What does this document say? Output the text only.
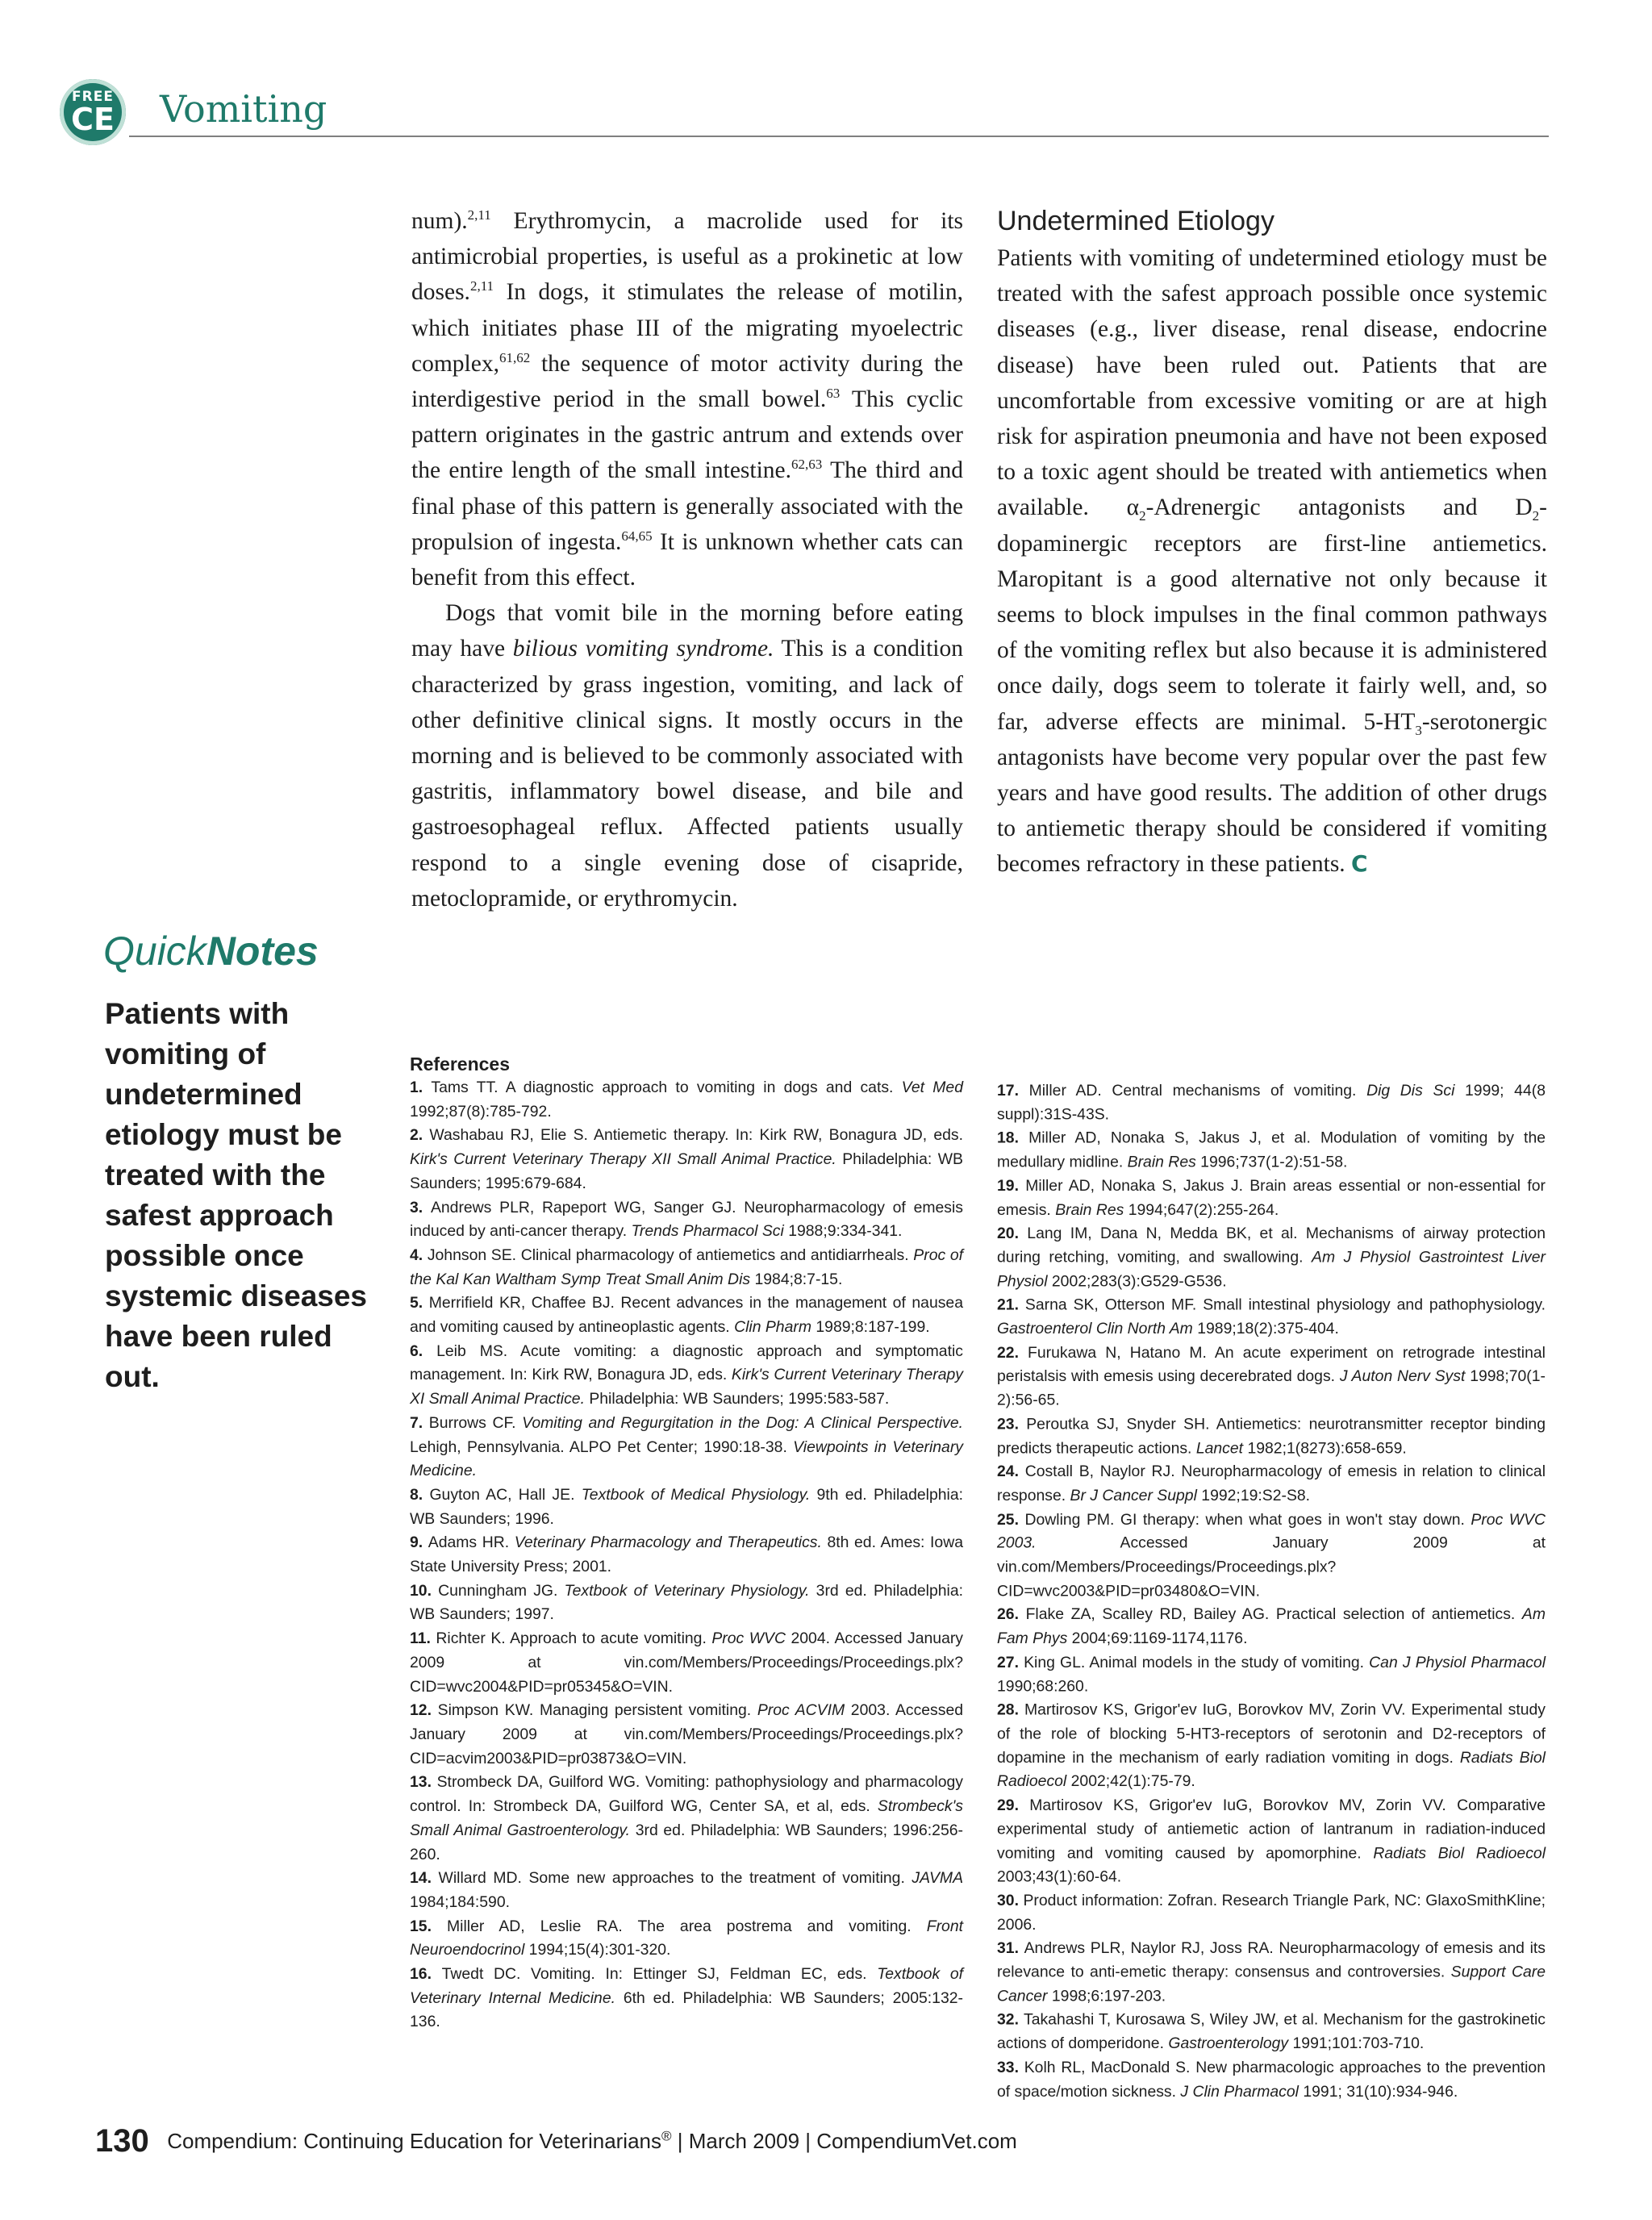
FREE
CE Vomiting

num).$^{2,11}$ Erythromycin, a macrolide used for its antimicrobial properties, is useful as a prokinetic at low doses.$^{2,11}$ In dogs, it stimulates the release of motilin, which initiates phase III of the migrating myoelectric complex,$^{61,62}$ the sequence of motor activity during the interdigestive period in the small bowel.$^{63}$ This cyclic pattern originates in the gastric antrum and extends over the entire length of the small intestine.$^{62,63}$ The third and final phase of this pattern is generally associated with the propulsion of ingesta.$^{64,65}$ It is unknown whether cats can benefit from this effect.

Dogs that vomit bile in the morning before eating may have bilious vomiting syndrome. This is a condition characterized by grass ingestion, vomiting, and lack of other definitive clinical signs. It mostly occurs in the morning and is believed to be commonly associated with gastritis, inflammatory bowel disease, and bile and gastroesophageal reflux. Affected patients usually respond to a single evening dose of cisapride, metoclopramide, or erythromycin.

Undetermined Etiology

Patients with vomiting of undetermined etiology must be treated with the safest approach possible once systemic diseases (e.g., liver disease, renal disease, endocrine disease) have been ruled out. Patients that are uncomfortable from excessive vomiting or are at high risk for aspiration pneumonia and have not been exposed to a toxic agent should be treated with antiemetics when available. $\alpha_2$-Adrenergic antagonists and $D_2$-dopaminergic receptors are first-line antiemetics. Maropitant is a good alternative not only because it seems to block impulses in the final common pathways of the vomiting reflex but also because it is administered once daily, dogs seem to tolerate it fairly well, and, so far, adverse effects are minimal. $5-HT_3$-serotonergic antagonists have become very popular over the past few years and have good results. The addition of other drugs to antiemetic therapy should be considered if vomiting becomes refractory in these patients. C

QuickNotes
Patients with vomiting of undetermined etiology must be treated with the safest approach possible once systemic diseases have been ruled out.
References

1. Tams TT. A diagnostic approach to vomiting in dogs and cats. Vet Med 1992;87(8):785-792.

2. Washabau RJ, Elie S. Antiemetic therapy. In: Kirk RW, Bonagura JD, eds. Kirk's Current Veterinary Therapy XII Small Animal Practice. Philadelphia: WB Saunders; 1995:679-684.

3. Andrews PLR, Rapeport WG, Sanger GJ. Neuropharmacology of emesis induced by anti-cancer therapy. Trends Pharmacol Sci 1988;9:334-341.

4. Johnson SE. Clinical pharmacology of antiemetics and antidiarrheals. Proc of the Kal Kan Waltham Symp Treat Small Anim Dis 1984;8:7-15.

5. Merrifield KR, Chaffee BJ. Recent advances in the management of nausea and vomiting caused by antineoplastic agents. Clin Pharm 1989;8:187-199.

6. Leib MS. Acute vomiting: a diagnostic approach and symptomatic management. In: Kirk RW, Bonagura JD, eds. Kirk's Current Veterinary Therapy XI Small Animal Practice. Philadelphia: WB Saunders; 1995:583-587.

7. Burrows CF. Vomiting and Regurgitation in the Dog: A Clinical Perspective. Lehigh, Pennsylvania. ALPO Pet Center; 1990:18-38. Viewpoints in Veterinary Medicine.

8. Guyton AC, Hall JE. Textbook of Medical Physiology. 9th ed. Philadelphia: WB Saunders; 1996.

9. Adams HR. Veterinary Pharmacology and Therapeutics. 8th ed. Ames: Iowa State University Press; 2001.

10. Cunningham JG. Textbook of Veterinary Physiology. 3rd ed. Philadelphia: WB Saunders; 1997.

11. Richter K. Approach to acute vomiting. Proc WVC 2004. Accessed January 2009 at vin.com/Members/Proceedings/Proceedings.plx?CID=wvc2004&PID=pr05345&O=VIN.

12. Simpson KW. Managing persistent vomiting. Proc ACVIM 2003. Accessed January 2009 at vin.com/Members/Proceedings/Proceedings.plx?CID=acvim2003&PID=pr03873&O=VIN.

13. Strombeck DA, Guilford WG. Vomiting: pathophysiology and pharmacology control. In: Strombeck DA, Guilford WG, Center SA, et al, eds. Strombeck's Small Animal Gastroenterology. 3rd ed. Philadelphia: WB Saunders; 1996:256-260.

14. Willard MD. Some new approaches to the treatment of vomiting. JAVMA 1984;184:590.

15. Miller AD, Leslie RA. The area postrema and vomiting. Front Neuroendocrinol 1994;15(4):301-320.

16. Twedt DC. Vomiting. In: Ettinger SJ, Feldman EC, eds. Textbook of Veterinary Internal Medicine. 6th ed. Philadelphia: WB Saunders; 2005:132-136.

17. Miller AD. Central mechanisms of vomiting. Dig Dis Sci 1999; 44(8 suppl):31S-43S.

18. Miller AD, Nonaka S, Jakus J, et al. Modulation of vomiting by the medullary midline. Brain Res 1996;737(1-2):51-58.

19. Miller AD, Nonaka S, Jakus J. Brain areas essential or non-essential for emesis. Brain Res 1994;647(2):255-264.

20. Lang IM, Dana N, Medda BK, et al. Mechanisms of airway protection during retching, vomiting, and swallowing. Am J Physiol Gastrointest Liver Physiol 2002;283(3):G529-G536.

21. Sarna SK, Otterson MF. Small intestinal physiology and pathophysiology. Gastroenterol Clin North Am 1989;18(2):375-404.

22. Furukawa N, Hatano M. An acute experiment on retrograde intestinal peristalsis with emesis using decerebrated dogs. J Auton Nerv Syst 1998;70(1-2):56-65.

23. Peroutka SJ, Snyder SH. Antiemetics: neurotransmitter receptor binding predicts therapeutic actions. Lancet 1982;1(8273):658-659.

24. Costall B, Naylor RJ. Neuropharmacology of emesis in relation to clinical response. Br J Cancer Suppl 1992;19:S2-S8.

25. Dowling PM. GI therapy: when what goes in won't stay down. Proc WVC 2003. Accessed January 2009 at vin.com/Members/Proceedings/Proceedings.plx?CID=wvc2003&PID=pr03480&O=VIN.

26. Flake ZA, Scalley RD, Bailey AG. Practical selection of antiemetics. Am Fam Phys 2004;69:1169-1174,1176.

27. King GL. Animal models in the study of vomiting. Can J Physiol Pharmacol 1990;68:260.

28. Martirosov KS, Grigor'ev IuG, Borovkov MV, Zorin VV. Experimental study of the role of blocking 5-HT3-receptors of serotonin and D2-receptors of dopamine in the mechanism of early radiation vomiting in dogs. Radiats Biol Radioecol 2002;42(1):75-79.

29. Martirosov KS, Grigor'ev IuG, Borovkov MV, Zorin VV. Comparative experimental study of antiemetic action of lantranum in radiation-induced vomiting and vomiting caused by apomorphine. Radiats Biol Radioecol 2003;43(1):60-64.

30. Product information: Zofran. Research Triangle Park, NC: GlaxoSmithKline; 2006.

31. Andrews PLR, Naylor RJ, Joss RA. Neuropharmacology of emesis and its relevance to anti-emetic therapy: consensus and controversies. Support Care Cancer 1998;6:197-203.

32. Takahashi T, Kurosawa S, Wiley JW, et al. Mechanism for the gastrokinetic actions of domperidone. Gastroenterology 1991;101:703-710.

33. Kolh RL, MacDonald S. New pharmacologic approaches to the prevention of space/motion sickness. J Clin Pharmacol 1991; 31(10):934-946.

130 Compendium: Continuing Education for Veterinarians® | March 2009 | CompendiumVet.com
